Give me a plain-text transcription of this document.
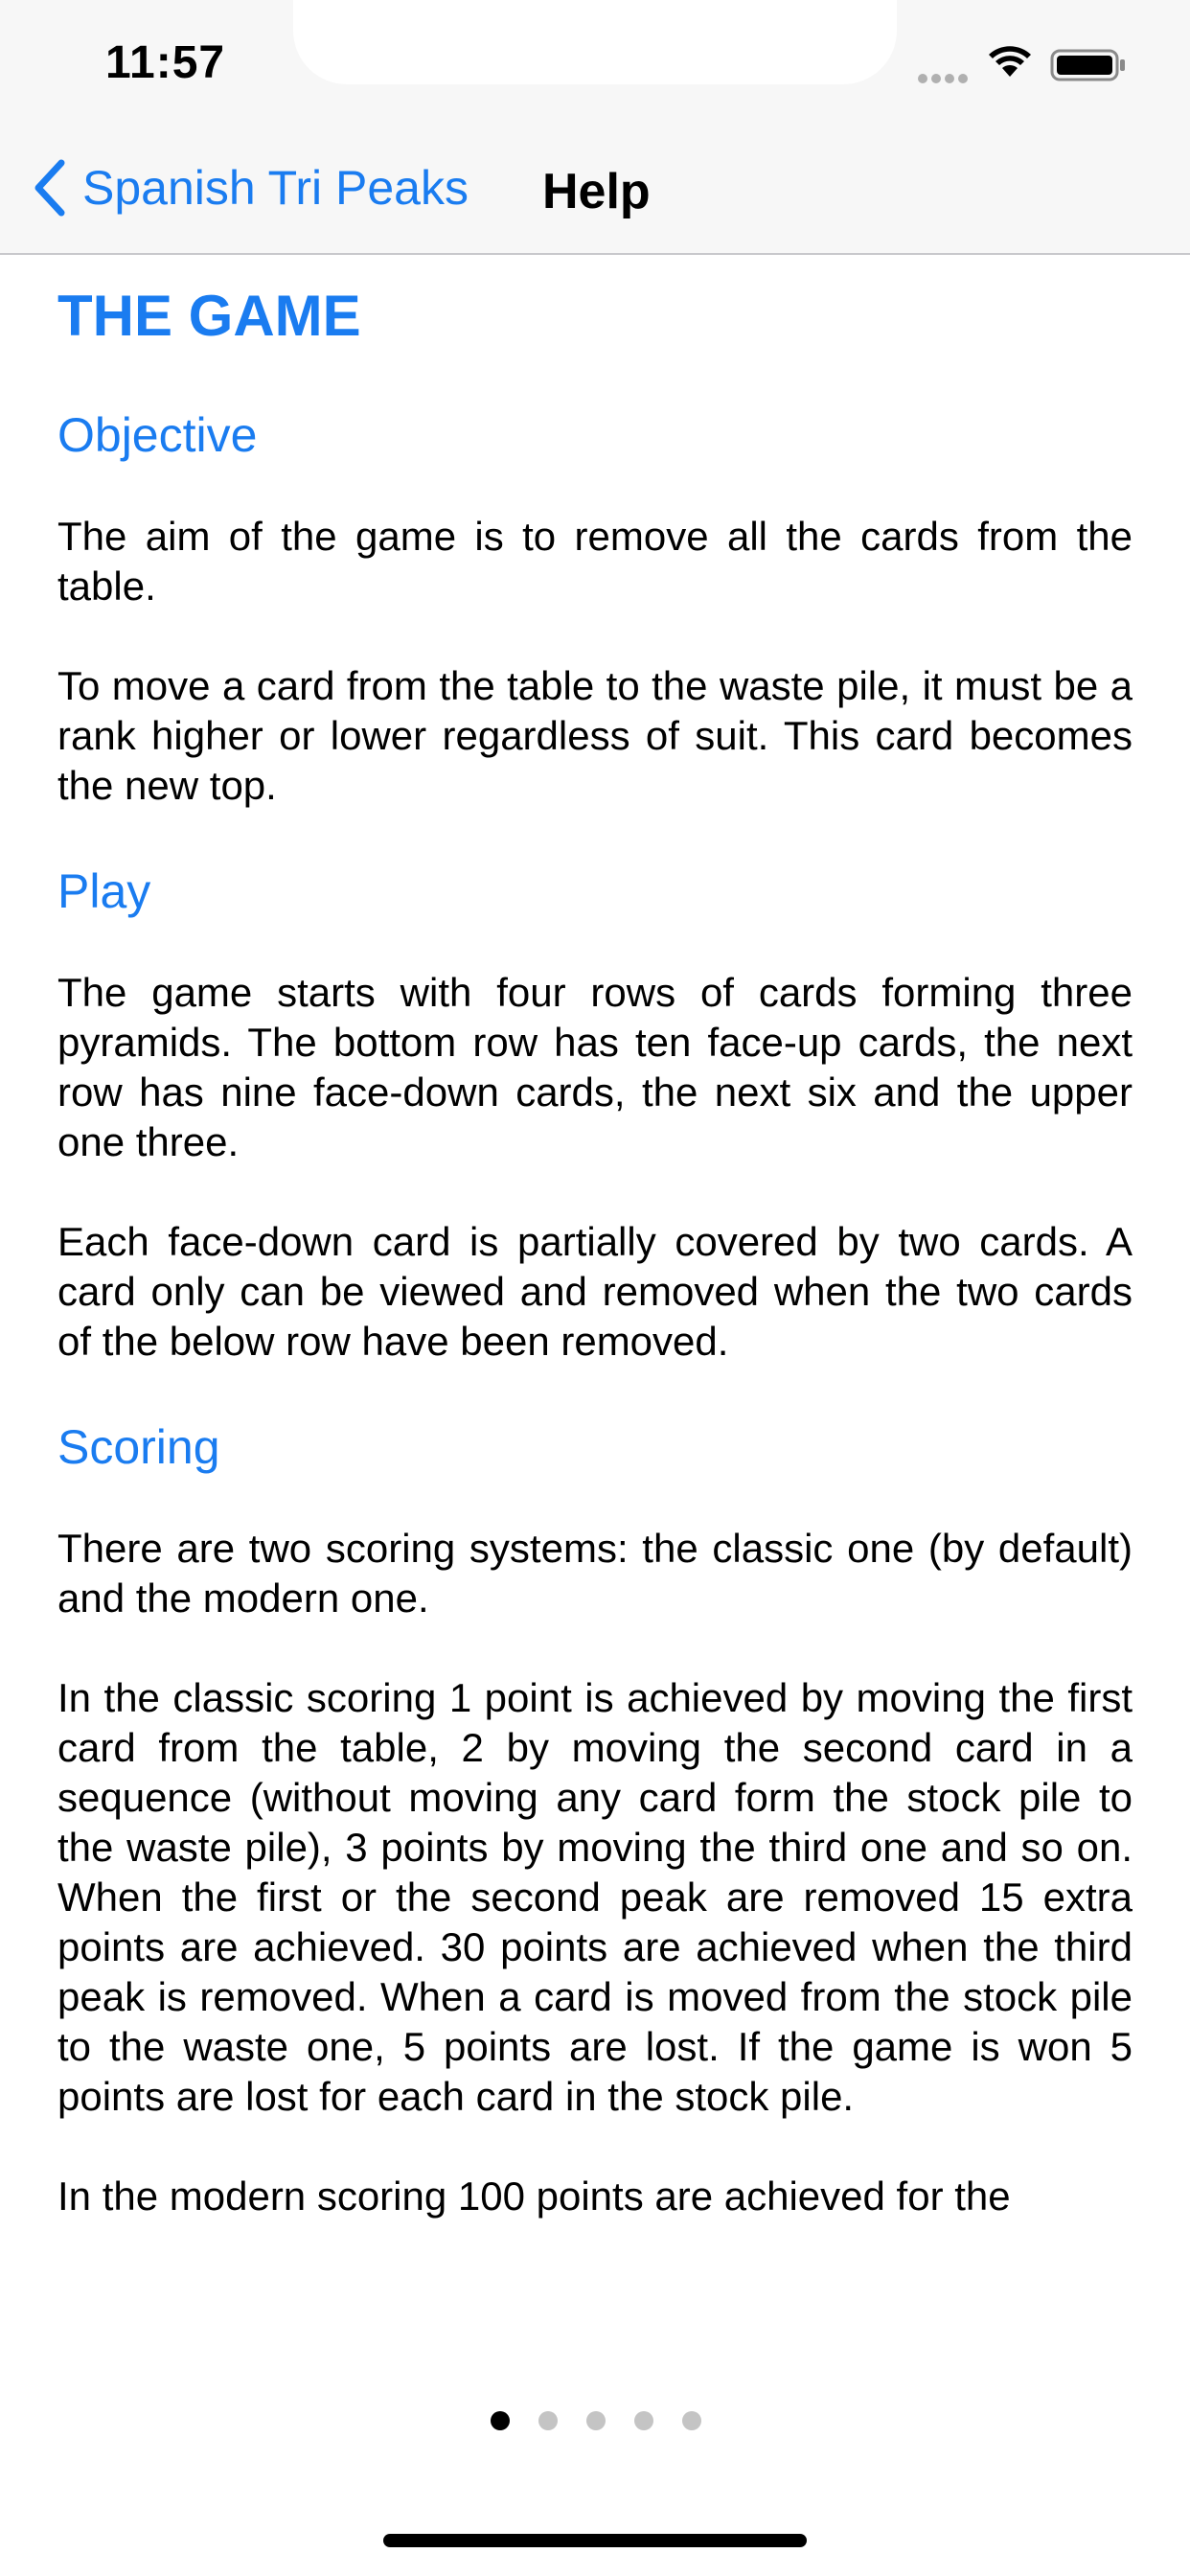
11:57
Spanish Tri Peaks Help
THE GAME
Objective

The aim of the game is to remove all the cards from the table.

To move a card from the table to the waste pile, it must be a rank higher or lower regardless of suit. This card becomes the new top.

Play

The game starts with four rows of cards forming three pyramids. The bottom row has ten face-up cards, the next row has nine face-down cards, the next six and the upper one three.

Each face-down card is partially covered by two cards. A card only can be viewed and removed when the two cards of the below row have been removed.

Scoring

There are two scoring systems: the classic one (by default) and the modern one.

In the classic scoring 1 point is achieved by moving the first card from the table, 2 by moving the second card in a sequence (without moving any card form the stock pile to the waste pile), 3 points by moving the third one and so on. When the first or the second peak are removed 15 extra points are achieved. 30 points are achieved when the third peak is removed. When a card is moved from the stock pile to the waste one, 5 points are lost. If the game is won 5 points are lost for each card in the stock pile.

In the modern scoring 100 points are achieved for the
